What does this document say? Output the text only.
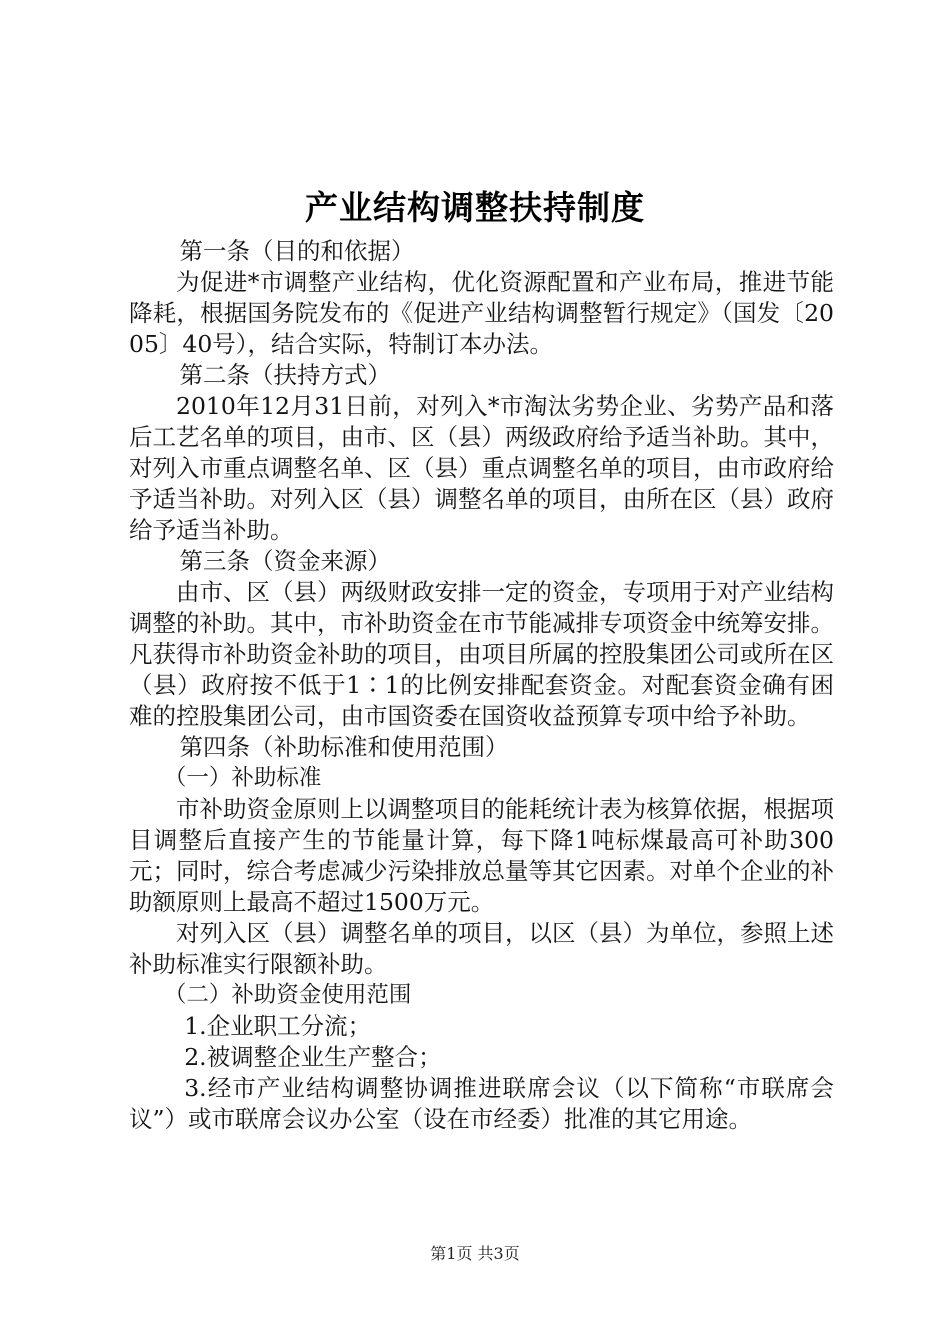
产业结构调整扶持制度

第一条（目的和依据）

为促进*市调整产业结构，优化资源配置和产业布局，推进节能降耗，根据国务院发布的《促进产业结构调整暂行规定》（国发〔2005〕40号），结合实际，特制订本办法。

第二条（扶持方式）

2010年12月31日前，对列入*市淘汰劣势企业、劣势产品和落后工艺名单的项目，由市、区（县）两级政府给予适当补助。其中，对列入市重点调整名单、区（县）重点调整名单的项目，由市政府给予适当补助。对列入区（县）调整名单的项目，由所在区（县）政府给予适当补助。

第三条（资金来源）

由市、区（县）两级财政安排一定的资金，专项用于对产业结构调整的补助。其中，市补助资金在市节能减排专项资金中统筹安排。凡获得市补助资金补助的项目，由项目所属的控股集团公司或所在区（县）政府按不低于1∶1的比例安排配套资金。对配套资金确有困难的控股集团公司，由市国资委在国资收益预算专项中给予补助。

第四条（补助标准和使用范围）

（一）补助标准

市补助资金原则上以调整项目的能耗统计表为核算依据，根据项目调整后直接产生的节能量计算，每下降1吨标煤最高可补助300元；同时，综合考虑减少污染排放总量等其它因素。对单个企业的补助额原则上最高不超过1500万元。

对列入区（县）调整名单的项目，以区（县）为单位，参照上述补助标准实行限额补助。

（二）补助资金使用范围

1.企业职工分流；

2.被调整企业生产整合；

3.经市产业结构调整协调推进联席会议（以下简称“市联席会议”）或市联席会议办公室（设在市经委）批准的其它用途。

第1页 共3页
